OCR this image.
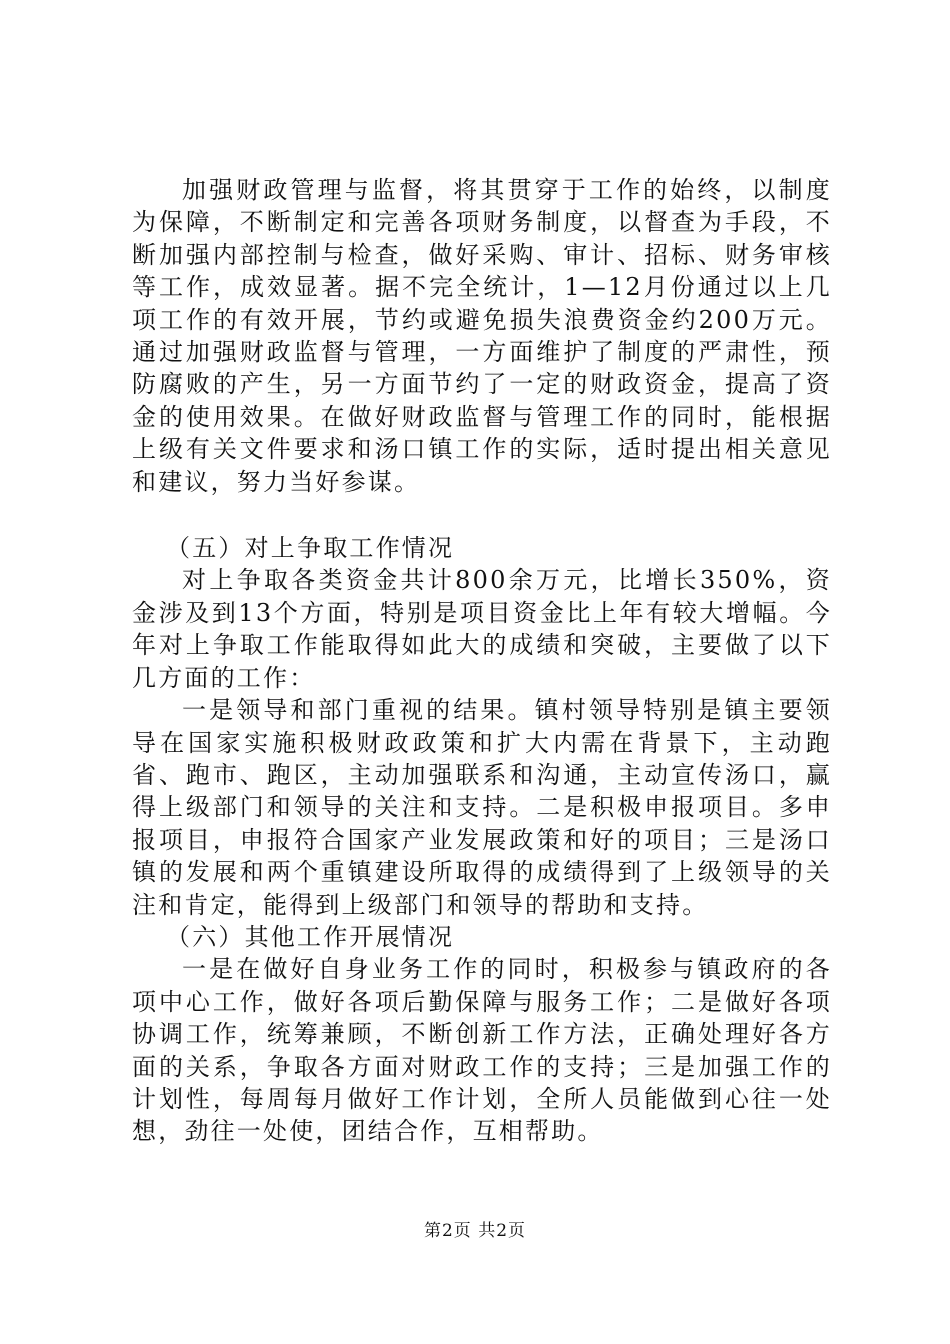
加强财政管理与监督，将其贯穿于工作的始终，以制度为保障，不断制定和完善各项财务制度，以督查为手段，不断加强内部控制与检查，做好采购、审计、招标、财务审核等工作，成效显著。据不完全统计，1—12月份通过以上几项工作的有效开展，节约或避免损失浪费资金约200万元。通过加强财政监督与管理，一方面维护了制度的严肃性，预防腐败的产生，另一方面节约了一定的财政资金，提高了资金的使用效果。在做好财政监督与管理工作的同时，能根据上级有关文件要求和汤口镇工作的实际，适时提出相关意见和建议，努力当好参谋。

（五）对上争取工作情况

对上争取各类资金共计800余万元，比增长350%，资金涉及到13个方面，特别是项目资金比上年有较大增幅。今年对上争取工作能取得如此大的成绩和突破，主要做了以下几方面的工作：

一是领导和部门重视的结果。镇村领导特别是镇主要领导在国家实施积极财政政策和扩大内需在背景下，主动跑省、跑市、跑区，主动加强联系和沟通，主动宣传汤口，赢得上级部门和领导的关注和支持。二是积极申报项目。多申报项目，申报符合国家产业发展政策和好的项目；三是汤口镇的发展和两个重镇建设所取得的成绩得到了上级领导的关注和肯定，能得到上级部门和领导的帮助和支持。

（六）其他工作开展情况

一是在做好自身业务工作的同时，积极参与镇政府的各项中心工作，做好各项后勤保障与服务工作；二是做好各项协调工作，统筹兼顾，不断创新工作方法，正确处理好各方面的关系，争取各方面对财政工作的支持；三是加强工作的计划性，每周每月做好工作计划，全所人员能做到心往一处想，劲往一处使，团结合作，互相帮助。

第2页 共2页
